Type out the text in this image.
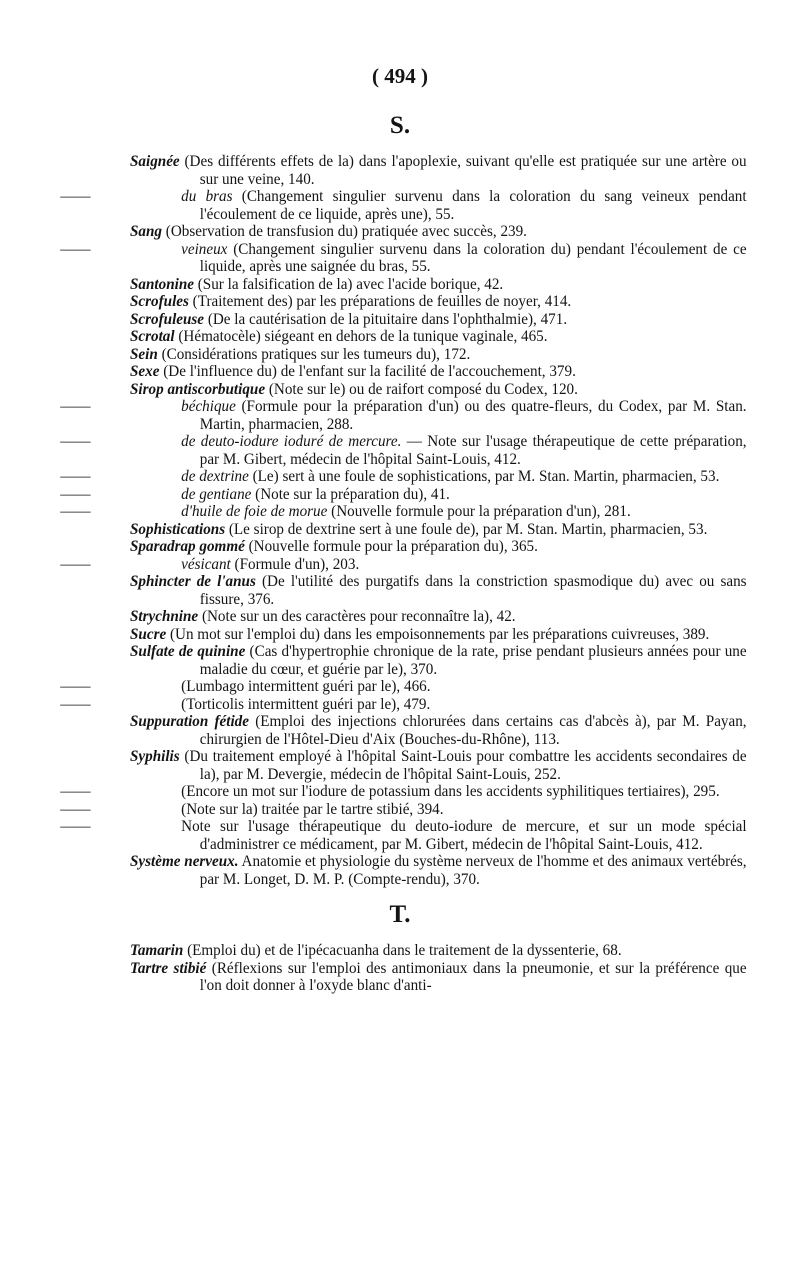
( 494 )
S.
Saignée (Des différents effets de la) dans l'apoplexie, suivant qu'elle est pratiquée sur une artère ou sur une veine, 140.
——	du bras (Changement singulier survenu dans la coloration du sang veineux pendant l'écoulement de ce liquide, après une), 55.
Sang (Observation de transfusion du) pratiquée avec succès, 239.
——	veineux (Changement singulier survenu dans la coloration du) pendant l'écoulement de ce liquide, après une saignée du bras, 55.
Santonine (Sur la falsification de la) avec l'acide borique, 42.
Scrofules (Traitement des) par les préparations de feuilles de noyer, 414.
Scrofuleuse (De la cautérisation de la pituitaire dans l'ophthalmie), 471.
Scrotal (Hématocèle) siégeant en dehors de la tunique vaginale, 465.
Sein (Considérations pratiques sur les tumeurs du), 172.
Sexe (De l'influence du) de l'enfant sur la facilité de l'accouchement, 379.
Sirop antiscorbutique (Note sur le) ou de raifort composé du Codex, 120.
——	béchique (Formule pour la préparation d'un) ou des quatre-fleurs, du Codex, par M. Stan. Martin, pharmacien, 288.
——	de deuto-iodure ioduré de mercure. — Note sur l'usage thérapeutique de cette préparation, par M. Gibert, médecin de l'hôpital Saint-Louis, 412.
——	de dextrine (Le) sert à une foule de sophistications, par M. Stan. Martin, pharmacien, 53.
——	de gentiane (Note sur la préparation du), 41.
——	d'huile de foie de morue (Nouvelle formule pour la préparation d'un), 281.
Sophistications (Le sirop de dextrine sert à une foule de), par M. Stan. Martin, pharmacien, 53.
Sparadrap gommé (Nouvelle formule pour la préparation du), 365.
——	vésicant (Formule d'un), 203.
Sphincter de l'anus (De l'utilité des purgatifs dans la constriction spasmodique du) avec ou sans fissure, 376.
Strychnine (Note sur un des caractères pour reconnaître la), 42.
Sucre (Un mot sur l'emploi du) dans les empoisonnements par les préparations cuivreuses, 389.
Sulfate de quinine (Cas d'hypertrophie chronique de la rate, prise pendant plusieurs années pour une maladie du cœur, et guérie par le), 370.
——	(Lumbago intermittent guéri par le), 466.
——	(Torticolis intermittent guéri par le), 479.
Suppuration fétide (Emploi des injections chlorurées dans certains cas d'abcès à), par M. Payan, chirurgien de l'Hôtel-Dieu d'Aix (Bouches-du-Rhône), 113.
Syphilis (Du traitement employé à l'hôpital Saint-Louis pour combattre les accidents secondaires de la), par M. Devergie, médecin de l'hôpital Saint-Louis, 252.
——	(Encore un mot sur l'iodure de potassium dans les accidents syphilitiques tertiaires), 295.
——	(Note sur la) traitée par le tartre stibié, 394.
——	Note sur l'usage thérapeutique du deuto-iodure de mercure, et sur un mode spécial d'administrer ce médicament, par M. Gibert, médecin de l'hôpital Saint-Louis, 412.
Système nerveux. Anatomie et physiologie du système nerveux de l'homme et des animaux vertébrés, par M. Longet, D. M. P. (Compte-rendu), 370.
T.
Tamarin (Emploi du) et de l'ipécacuanha dans le traitement de la dyssenterie, 68.
Tartre stibié (Réflexions sur l'emploi des antimoniaux dans la pneumonie, et sur la préférence que l'on doit donner à l'oxyde blanc d'anti-
